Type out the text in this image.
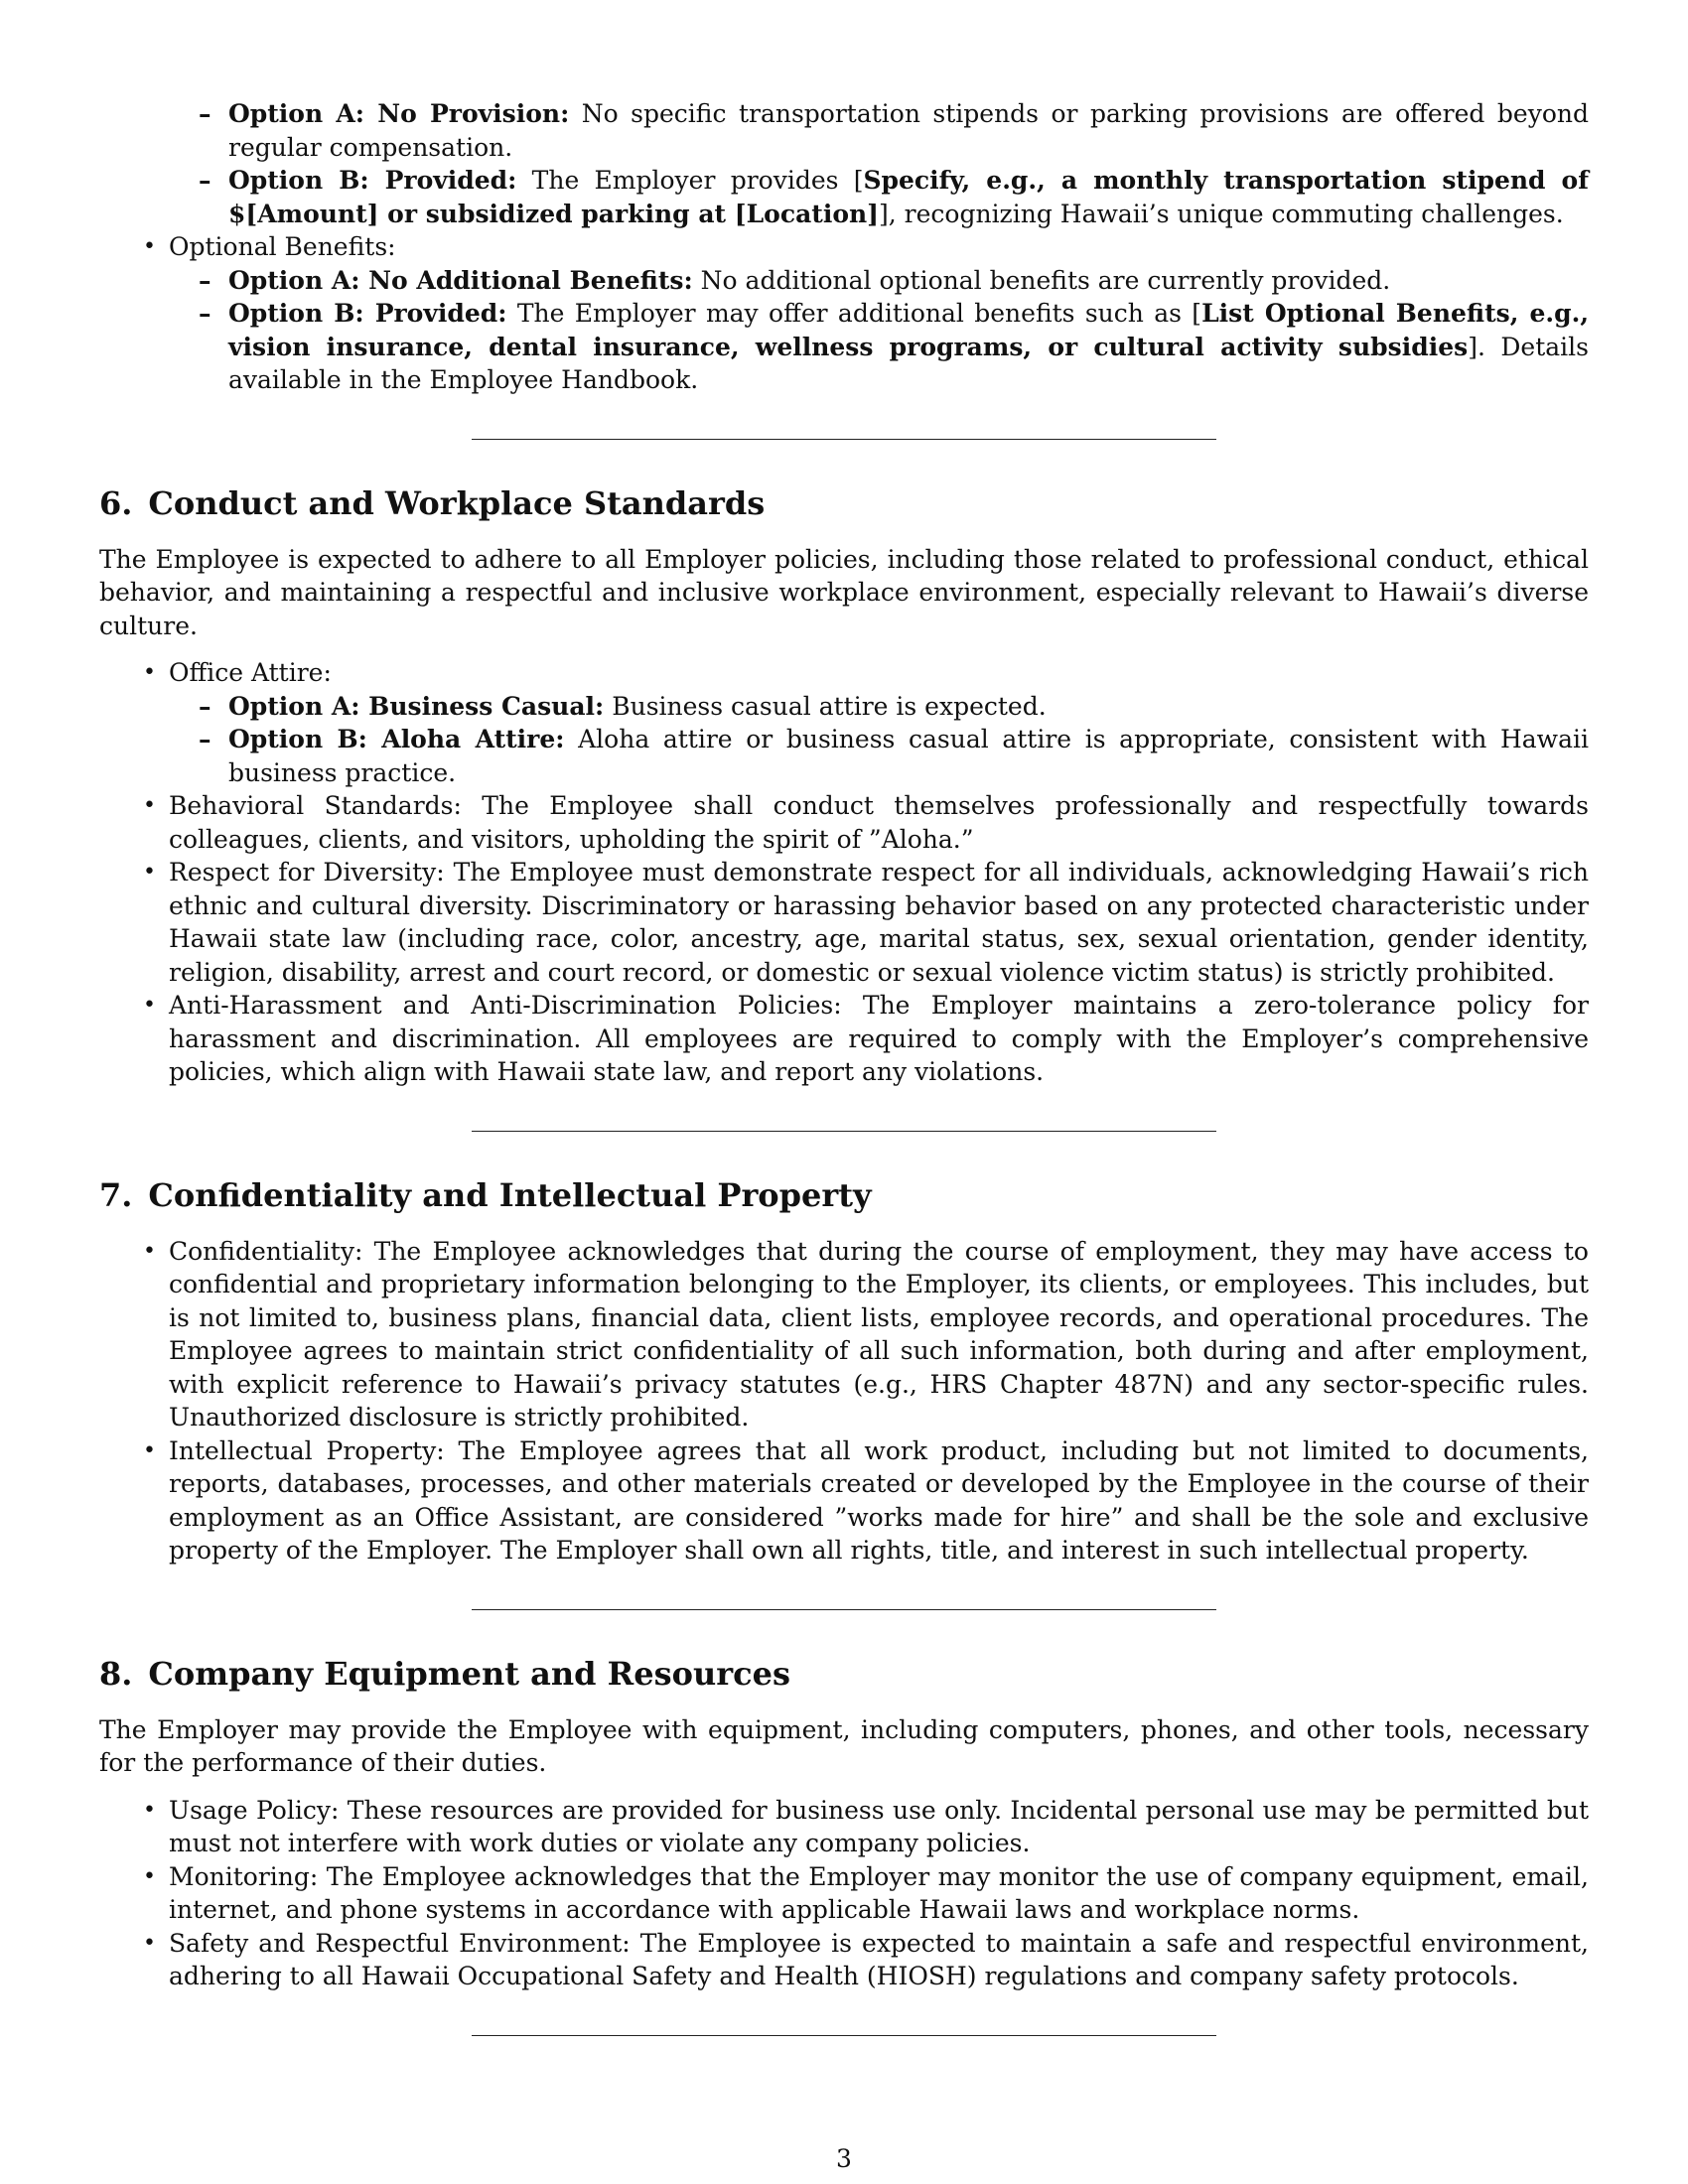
– Option A: No Provision: No specific transportation stipends or parking provisions are offered beyond regular compensation.
– Option B: Provided: The Employer provides [Specify, e.g., a monthly transportation stipend of $[Amount] or subsidized parking at [Location]], recognizing Hawaii’s unique commuting challenges.
• Optional Benefits:
– Option A: No Additional Benefits: No additional optional benefits are currently provided.
– Option B: Provided: The Employer may offer additional benefits such as [List Optional Benefits, e.g., vision insurance, dental insurance, wellness programs, or cultural activity subsidies]. Details available in the Employee Handbook.
6. Conduct and Workplace Standards

The Employee is expected to adhere to all Employer policies, including those related to professional conduct, ethical behavior, and maintaining a respectful and inclusive workplace environment, especially relevant to Hawaii’s diverse culture.

• Office Attire:
– Option A: Business Casual: Business casual attire is expected.
– Option B: Aloha Attire: Aloha attire or business casual attire is appropriate, consistent with Hawaii business practice.
• Behavioral Standards: The Employee shall conduct themselves professionally and respectfully towards colleagues, clients, and visitors, upholding the spirit of ”Aloha.”
• Respect for Diversity: The Employee must demonstrate respect for all individuals, acknowledging Hawaii’s rich ethnic and cultural diversity. Discriminatory or harassing behavior based on any protected characteristic under Hawaii state law (including race, color, ancestry, age, marital status, sex, sexual orientation, gender identity, religion, disability, arrest and court record, or domestic or sexual violence victim status) is strictly prohibited.
• Anti-Harassment and Anti-Discrimination Policies: The Employer maintains a zero-tolerance policy for harassment and discrimination. All employees are required to comply with the Employer’s comprehensive policies, which align with Hawaii state law, and report any violations.
7. Confidentiality and Intellectual Property
• Confidentiality: The Employee acknowledges that during the course of employment, they may have access to confidential and proprietary information belonging to the Employer, its clients, or employees. This includes, but is not limited to, business plans, financial data, client lists, employee records, and operational procedures. The Employee agrees to maintain strict confidentiality of all such information, both during and after employment, with explicit reference to Hawaii’s privacy statutes (e.g., HRS Chapter 487N) and any sector-specific rules. Unauthorized disclosure is strictly prohibited.
• Intellectual Property: The Employee agrees that all work product, including but not limited to documents, reports, databases, processes, and other materials created or developed by the Employee in the course of their employment as an Office Assistant, are considered ”works made for hire” and shall be the sole and exclusive property of the Employer. The Employer shall own all rights, title, and interest in such intellectual property.
8. Company Equipment and Resources

The Employer may provide the Employee with equipment, including computers, phones, and other tools, necessary for the performance of their duties.

• Usage Policy: These resources are provided for business use only. Incidental personal use may be permitted but must not interfere with work duties or violate any company policies.
• Monitoring: The Employee acknowledges that the Employer may monitor the use of company equipment, email, internet, and phone systems in accordance with applicable Hawaii laws and workplace norms.
• Safety and Respectful Environment: The Employee is expected to maintain a safe and respectful environment, adhering to all Hawaii Occupational Safety and Health (HIOSH) regulations and company safety protocols.
3
